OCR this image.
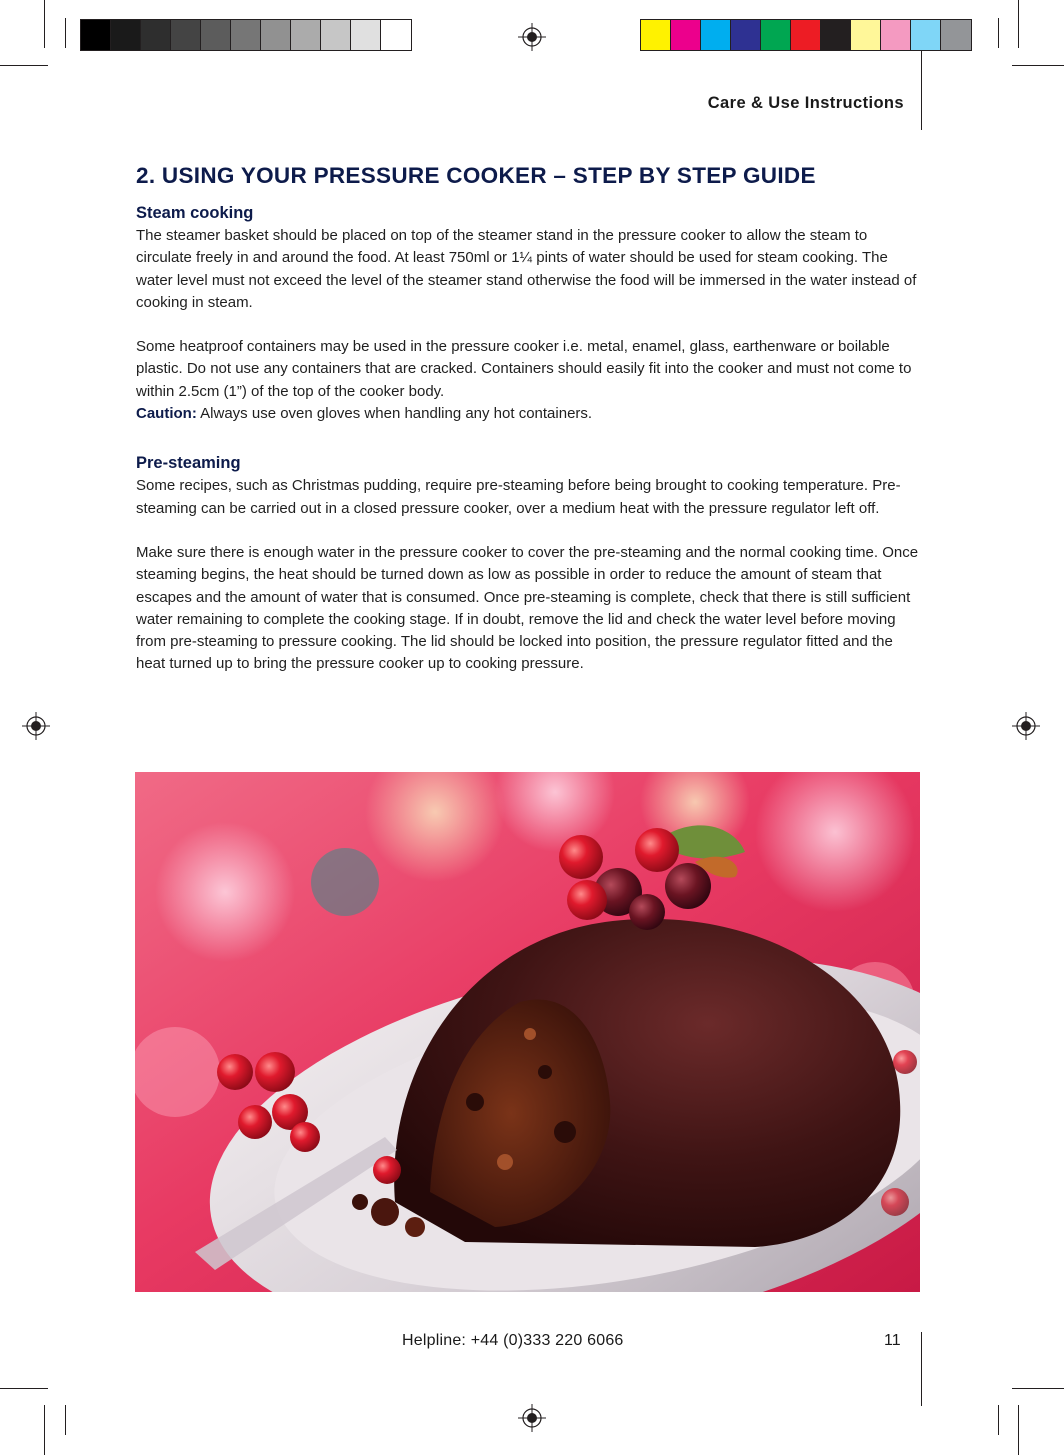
Care & Use Instructions
2. USING YOUR PRESSURE COOKER – STEP BY STEP GUIDE
Steam cooking

The steamer basket should be placed on top of the steamer stand in the pressure cooker to allow the steam to circulate freely in and around the food. At least 750ml or 1¼ pints of water should be used for steam cooking. The water level must not exceed the level of the steamer stand otherwise the food will be immersed in the water instead of cooking in steam.

Some heatproof containers may be used in the pressure cooker i.e. metal, enamel, glass, earthenware or boilable plastic. Do not use any containers that are cracked. Containers should easily fit into the cooker and must not come to within 2.5cm (1”) of the top of the cooker body.

Caution: Always use oven gloves when handling any hot containers.

Pre-steaming

Some recipes, such as Christmas pudding, require pre-steaming before being brought to cooking temperature. Pre-steaming can be carried out in a closed pressure cooker, over a medium heat with the pressure regulator left off.

Make sure there is enough water in the pressure cooker to cover the pre-steaming and the normal cooking time. Once steaming begins, the heat should be turned down as low as possible in order to reduce the amount of steam that escapes and the amount of water that is consumed. Once pre-steaming is complete, check that there is still sufficient water remaining to complete the cooking stage. If in doubt, remove the lid and check the water level before moving from pre-steaming to pressure cooking. The lid should be locked into position, the pressure regulator fitted and the heat turned up to bring the pressure cooker up to cooking pressure.

Helpline: +44 (0)333 220 6066	11
